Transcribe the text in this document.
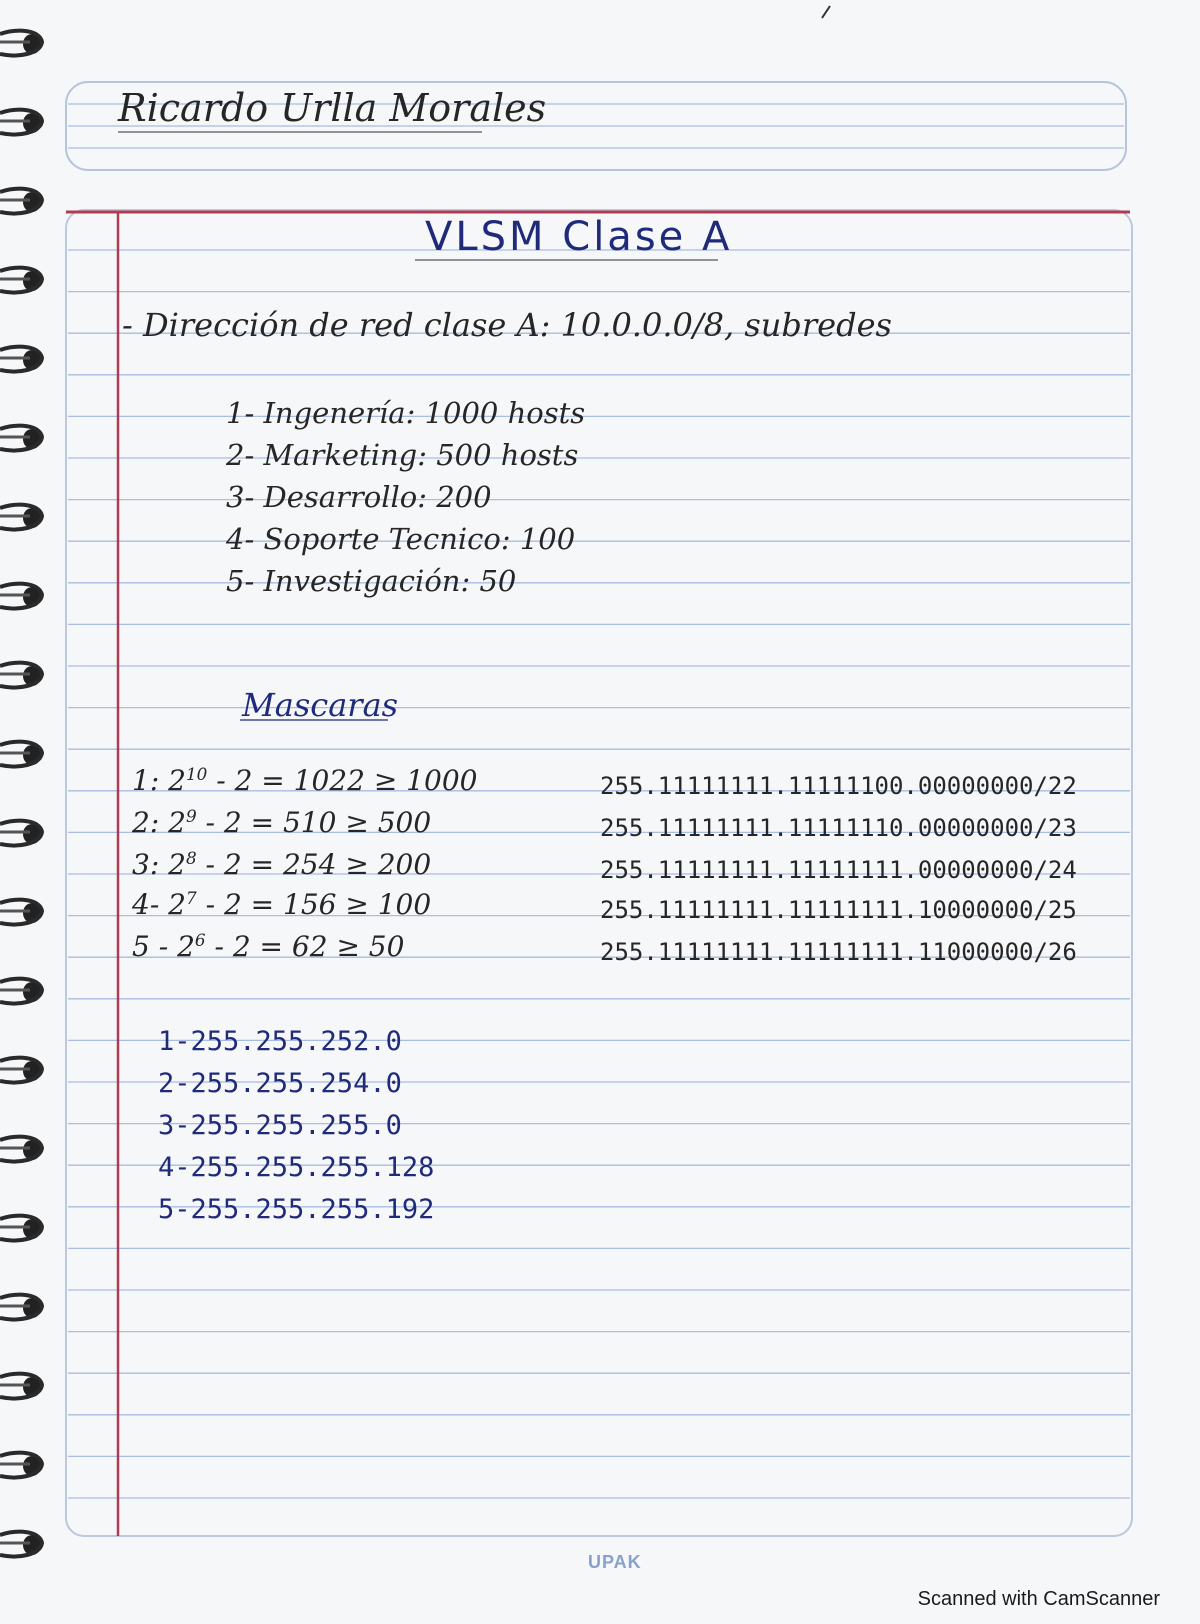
Ricardo Urlla Morales
VLSM Clase A
- Dirección de red clase A: 10.0.0.0/8, subredes
1- Ingenería: 1000 hosts
2- Marketing: 500 hosts
3- Desarrollo: 200
4- Soporte Tecnico: 100
5- Investigación: 50
Mascaras
1: $2^{10} - 2 = 1022 \ge 1000$
2: $2^9 - 2 = 510 \ge 500$
3: $2^8 - 2 = 254 \ge 200$
4- $2^7 - 2 = 156 \ge 100$
$5 - 2^6 - 2 = 62 \ge 50$
255.11111111.11111100.00000000/22
255.11111111.11111110.00000000/23
255.11111111.11111111.00000000/24
255.11111111.11111111.10000000/25
255.11111111.11111111.11000000/26
1-255.255.252.0
2-255.255.254.0
3-255.255.255.0
4-255.255.255.128
5-255.255.255.192
UPAK
Scanned with CamScanner
